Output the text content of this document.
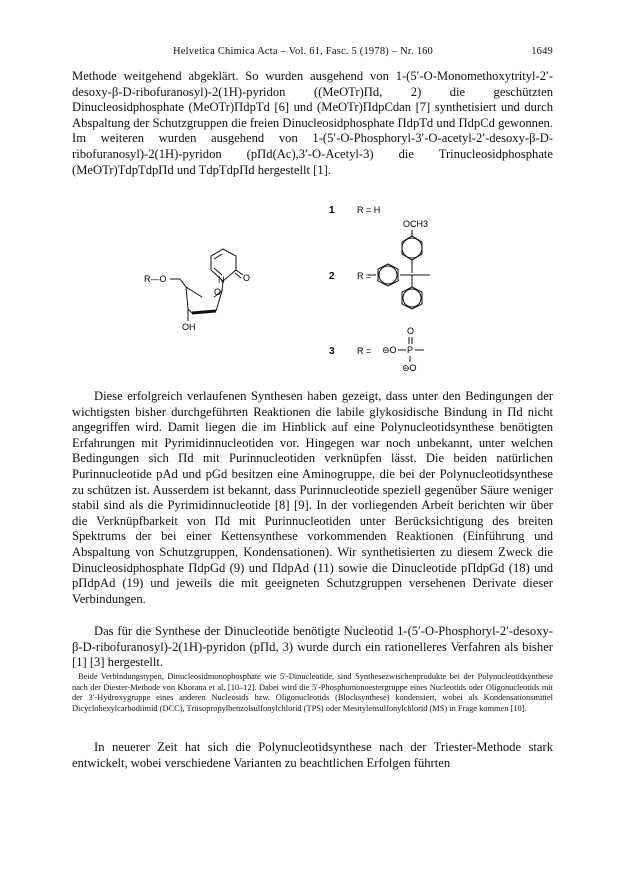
Helvetica Chimica Acta – Vol. 61, Fasc. 5 (1978) – Nr. 160	1649

Methode weitgehend abgeklärt. So wurden ausgehend von 1-(5′-O-Monomethoxytrityl-2′-desoxy-β-D-ribofuranosyl)-2(1H)-pyridon ((MeOTr)Πd, 2) die geschützten Dinucleosidphosphate (MeOTr)ΠdpTd [6] und (MeOTr)ΠdpCdan [7] synthetisiert und durch Abspaltung der Schutzgruppen die freien Dinucleosidphosphate ΠdpTd und ΠdpCd gewonnen. Im weiteren wurden ausgehend von 1-(5′-O-Phosphoryl-3′-O-acetyl-2′-desoxy-β-D-ribofuranosyl)-2(1H)-pyridon (pΠd(Ac),3′-O-Acetyl-3) die Trinucleosidphosphate (MeOTr)TdpTdpΠd und TdpTdpΠd hergestellt [1].

O
N O
R—O
OH
1 R = H
OCH3
2 R =
O
⊖O P
⊖O
3 R =

Diese erfolgreich verlaufenen Synthesen haben gezeigt, dass unter den Bedingungen der wichtigsten bisher durchgeführten Reaktionen die labile glykosidische Bindung in Πd nicht angegriffen wird. Damit liegen die im Hinblick auf eine Polynucleotidsynthese benötigten Erfahrungen mit Pyrimidinnucleotiden vor. Hingegen war noch unbekannt, unter welchen Bedingungen sich Πd mit Purinnucleotiden verknüpfen lässt. Die beiden natürlichen Purinnucleotide pAd und pGd besitzen eine Aminogruppe, die bei der Polynucleotidsynthese zu schützen ist. Ausserdem ist bekannt, dass Purinnucleotide speziell gegenüber Säure weniger stabil sind als die Pyrimidinnucleotide [8] [9]. In der vorliegenden Arbeit berichten wir über die Verknüpfbarkeit von Πd mit Purinnucleotiden unter Berücksichtigung des breiten Spektrums der bei einer Kettensynthese vorkommenden Reaktionen (Einführung und Abspaltung von Schutzgruppen, Kondensationen). Wir synthetisierten zu diesem Zweck die Dinucleosidphosphate ΠdpGd (9) und ΠdpAd (11) sowie die Dinucleotide pΠdpGd (18) und pΠdpAd (19) und jeweils die mit geeigneten Schutzgruppen versehenen Derivate dieser Verbindungen.

Das für die Synthese der Dinucleotide benötigte Nucleotid 1-(5′-O-Phosphoryl-2′-desoxy-β-D-ribofuranosyl)-2(1H)-pyridon (pΠd, 3) wurde durch ein rationelleres Verfahren als bisher [1] [3] hergestellt.

Beide Verbindungstypen, Dinucleosidmonophosphate wie 5′-Dinucleotide, sind Synthesezwischenprodukte bei der Polynucleotidsynthese nach der Diester-Methode von Khorana et al. [10–12]. Dabei wird die 5′-Phosphomonoestergruppe eines Nucleotids oder Oligonucleotids mit der 3′-Hydroxygruppe eines anderen Nucleosids bzw. Oligonucleotids (Blocksynthese) kondensiert, wobei als Kondensationsmittel Dicyclohexylcarbodiimid (DCC), Triisopropylbenzolsulfonylchlorid (TPS) oder Mesitylensulfonylchlorid (MS) in Frage kommen [10].

In neuerer Zeit hat sich die Polynucleotidsynthese nach der Triester-Methode stark entwickelt, wobei verschiedene Varianten zu beachtlichen Erfolgen führten
